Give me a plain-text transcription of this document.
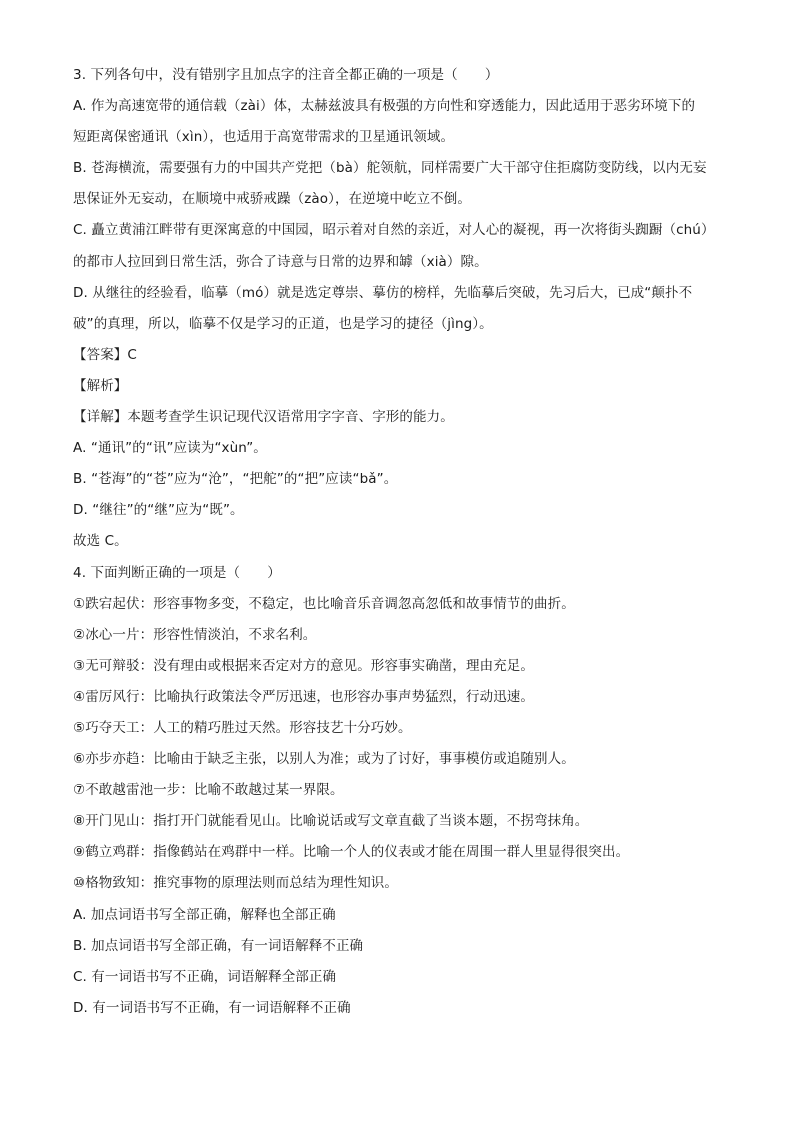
3. 下列各句中，没有错别字且加点字的注音全都正确的一项是（　　）
A. 作为高速宽带的通信载（zài）体，太赫兹波具有极强的方向性和穿透能力，因此适用于恶劣环境下的
短距离保密通讯（xìn），也适用于高宽带需求的卫星通讯领域。
B. 苍海横流，需要强有力的中国共产党把（bà）舵领航，同样需要广大干部守住拒腐防变防线，以内无妄
思保证外无妄动，在顺境中戒骄戒躁（zào），在逆境中屹立不倒。
C. 矗立黄浦江畔带有更深寓意的中国园，昭示着对自然的亲近，对人心的凝视，再一次将街头踟蹰（chú）
的都市人拉回到日常生活，弥合了诗意与日常的边界和罅（xià）隙。
D. 从继往的经验看，临摹（mó）就是选定尊崇、摹仿的榜样，先临摹后突破，先习后大，已成“颠扑不
破”的真理，所以，临摹不仅是学习的正道，也是学习的捷径（jìng）。
【答案】C
【解析】
【详解】本题考查学生识记现代汉语常用字字音、字形的能力。
A. “通讯”的“讯”应读为“xùn”。
B. “苍海”的“苍”应为“沧”，“把舵”的“把”应读“bǎ”。
D. “继往”的“继”应为“既”。
故选 C。
4. 下面判断正确的一项是（　　）
①跌宕起伏：形容事物多变，不稳定，也比喻音乐音调忽高忽低和故事情节的曲折。
②冰心一片：形容性情淡泊，不求名利。
③无可辩驳：没有理由或根据来否定对方的意见。形容事实确凿，理由充足。
④雷厉风行：比喻执行政策法令严厉迅速，也形容办事声势猛烈，行动迅速。
⑤巧夺天工：人工的精巧胜过天然。形容技艺十分巧妙。
⑥亦步亦趋：比喻由于缺乏主张，以别人为准；或为了讨好，事事模仿或追随别人。
⑦不敢越雷池一步：比喻不敢越过某一界限。
⑧开门见山：指打开门就能看见山。比喻说话或写文章直截了当谈本题，不拐弯抹角。
⑨鹤立鸡群：指像鹤站在鸡群中一样。比喻一个人的仪表或才能在周围一群人里显得很突出。
⑩格物致知：推究事物的原理法则而总结为理性知识。
A. 加点词语书写全部正确，解释也全部正确
B. 加点词语书写全部正确，有一词语解释不正确
C. 有一词语书写不正确，词语解释全部正确
D. 有一词语书写不正确，有一词语解释不正确
